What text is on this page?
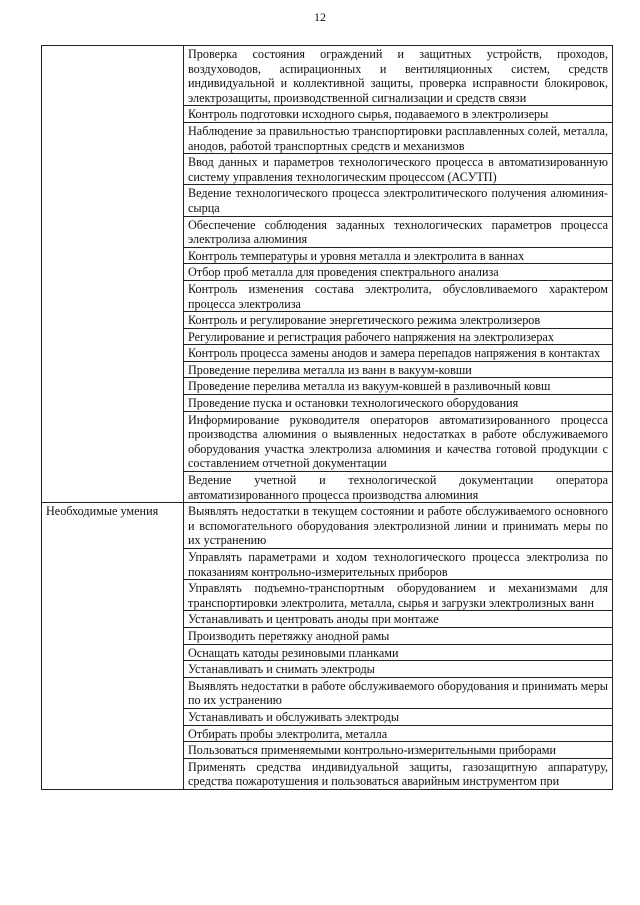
12
	Проверка состояния ограждений и защитных устройств, проходов, воздуховодов, аспирационных и вентиляционных систем, средств индивидуальной и коллективной защиты, проверка исправности блокировок, электрозащиты, производственной сигнализации и средств связи
	Контроль подготовки исходного сырья, подаваемого в электролизеры
	Наблюдение за правильностью транспортировки расплавленных солей, металла, анодов, работой транспортных средств и механизмов
	Ввод данных и параметров технологического процесса в автоматизированную систему управления технологическим процессом (АСУТП)
	Ведение технологического процесса электролитического получения алюминия-сырца
	Обеспечение соблюдения заданных технологических параметров процесса электролиза алюминия
	Контроль температуры и уровня металла и электролита в ваннах
	Отбор проб металла для проведения спектрального анализа
	Контроль изменения состава электролита, обусловливаемого характером процесса электролиза
	Контроль и регулирование энергетического режима электролизеров
	Регулирование и регистрация рабочего напряжения на электролизерах
	Контроль процесса замены анодов и замера перепадов напряжения в контактах
	Проведение перелива металла из ванн в вакуум-ковши
	Проведение перелива металла из вакуум-ковшей в разливочный ковш
	Проведение пуска и остановки технологического оборудования
	Информирование руководителя операторов автоматизированного процесса производства алюминия о выявленных недостатках в работе обслуживаемого оборудования участка электролиза алюминия и качества готовой продукции с составлением отчетной документации
	Ведение учетной и технологической документации оператора автоматизированного процесса производства алюминия
Необходимые умения	Выявлять недостатки в текущем состоянии и работе обслуживаемого основного и вспомогательного оборудования электролизной линии и принимать меры по их устранению
	Управлять параметрами и ходом технологического процесса электролиза по показаниям контрольно-измерительных приборов
	Управлять подъемно-транспортным оборудованием и механизмами для транспортировки электролита, металла, сырья и загрузки электролизных ванн
	Устанавливать и центровать аноды при монтаже
	Производить перетяжку анодной рамы
	Оснащать катоды резиновыми планками
	Устанавливать и снимать электроды
	Выявлять недостатки в работе обслуживаемого оборудования и принимать меры по их устранению
	Устанавливать и обслуживать электроды
	Отбирать пробы электролита, металла
	Пользоваться применяемыми контрольно-измерительными приборами
	Применять средства индивидуальной защиты, газозащитную аппаратуру, средства пожаротушения и пользоваться аварийным инструментом при
